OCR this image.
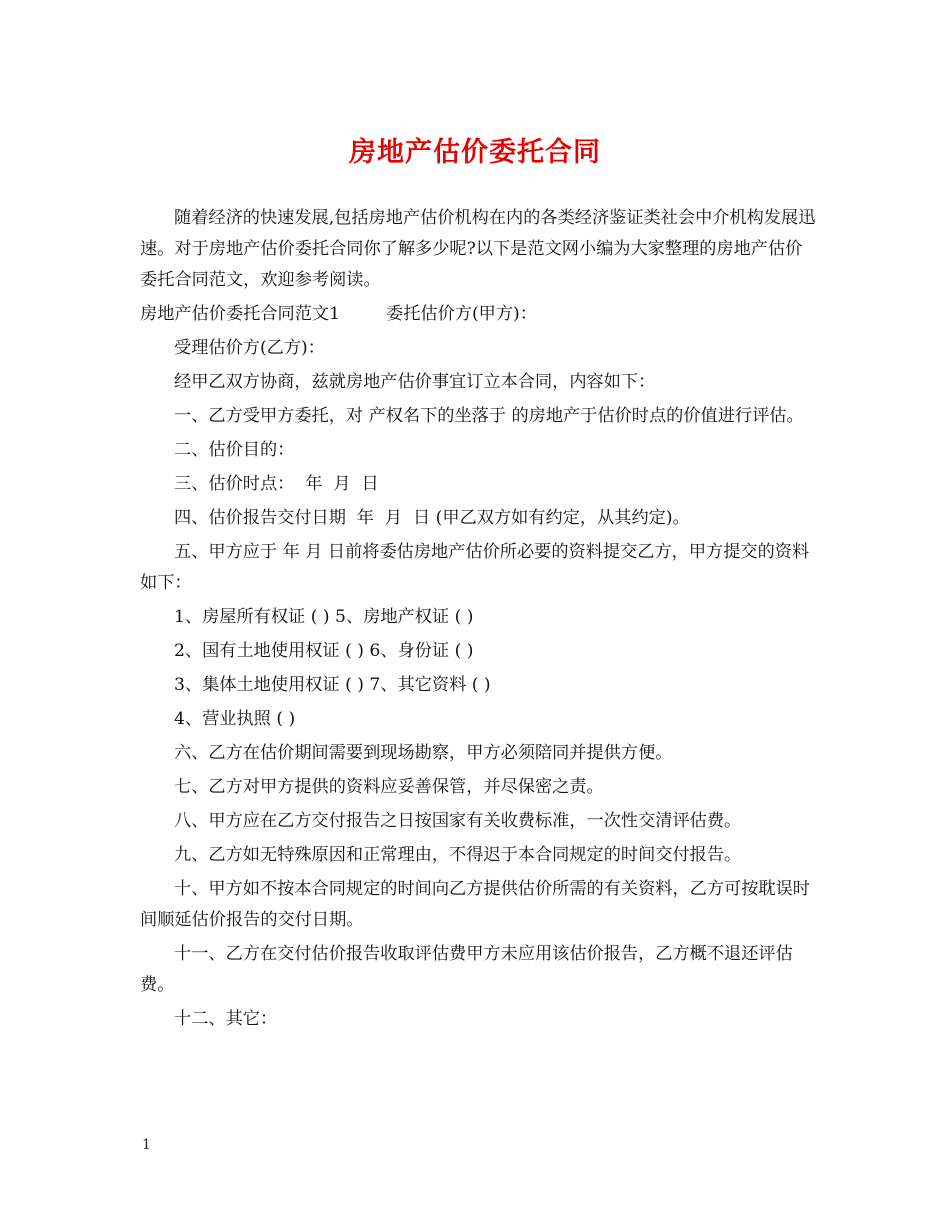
房地产估价委托合同

随着经济的快速发展,包括房地产估价机构在内的各类经济鉴证类社会中介机构发展迅速。对于房地产估价委托合同你了解多少呢?以下是范文网小编为大家整理的房地产估价委托合同范文，欢迎参考阅读。

房地产估价委托合同范文1	委托估价方(甲方)：

受理估价方(乙方)：

经甲乙双方协商，兹就房地产估价事宜订立本合同，内容如下：

一、乙方受甲方委托，对 产权名下的坐落于 的房地产于估价时点的价值进行评估。

二、估价目的：

三、估价时点：  年  月  日

四、估价报告交付日期  年  月  日 (甲乙双方如有约定，从其约定)。

五、甲方应于 年 月 日前将委估房地产估价所必要的资料提交乙方，甲方提交的资料如下：

1、房屋所有权证 ( ) 5、房地产权证 ( )

2、国有土地使用权证 ( ) 6、身份证 ( )

3、集体土地使用权证 ( ) 7、其它资料 ( )

4、营业执照 ( )

六、乙方在估价期间需要到现场勘察，甲方必须陪同并提供方便。

七、乙方对甲方提供的资料应妥善保管，并尽保密之责。

八、甲方应在乙方交付报告之日按国家有关收费标准，一次性交清评估费。

九、乙方如无特殊原因和正常理由，不得迟于本合同规定的时间交付报告。

十、甲方如不按本合同规定的时间向乙方提供估价所需的有关资料，乙方可按耽误时间顺延估价报告的交付日期。

十一、乙方在交付估价报告收取评估费甲方未应用该估价报告，乙方概不退还评估费。

十二、其它：

1
